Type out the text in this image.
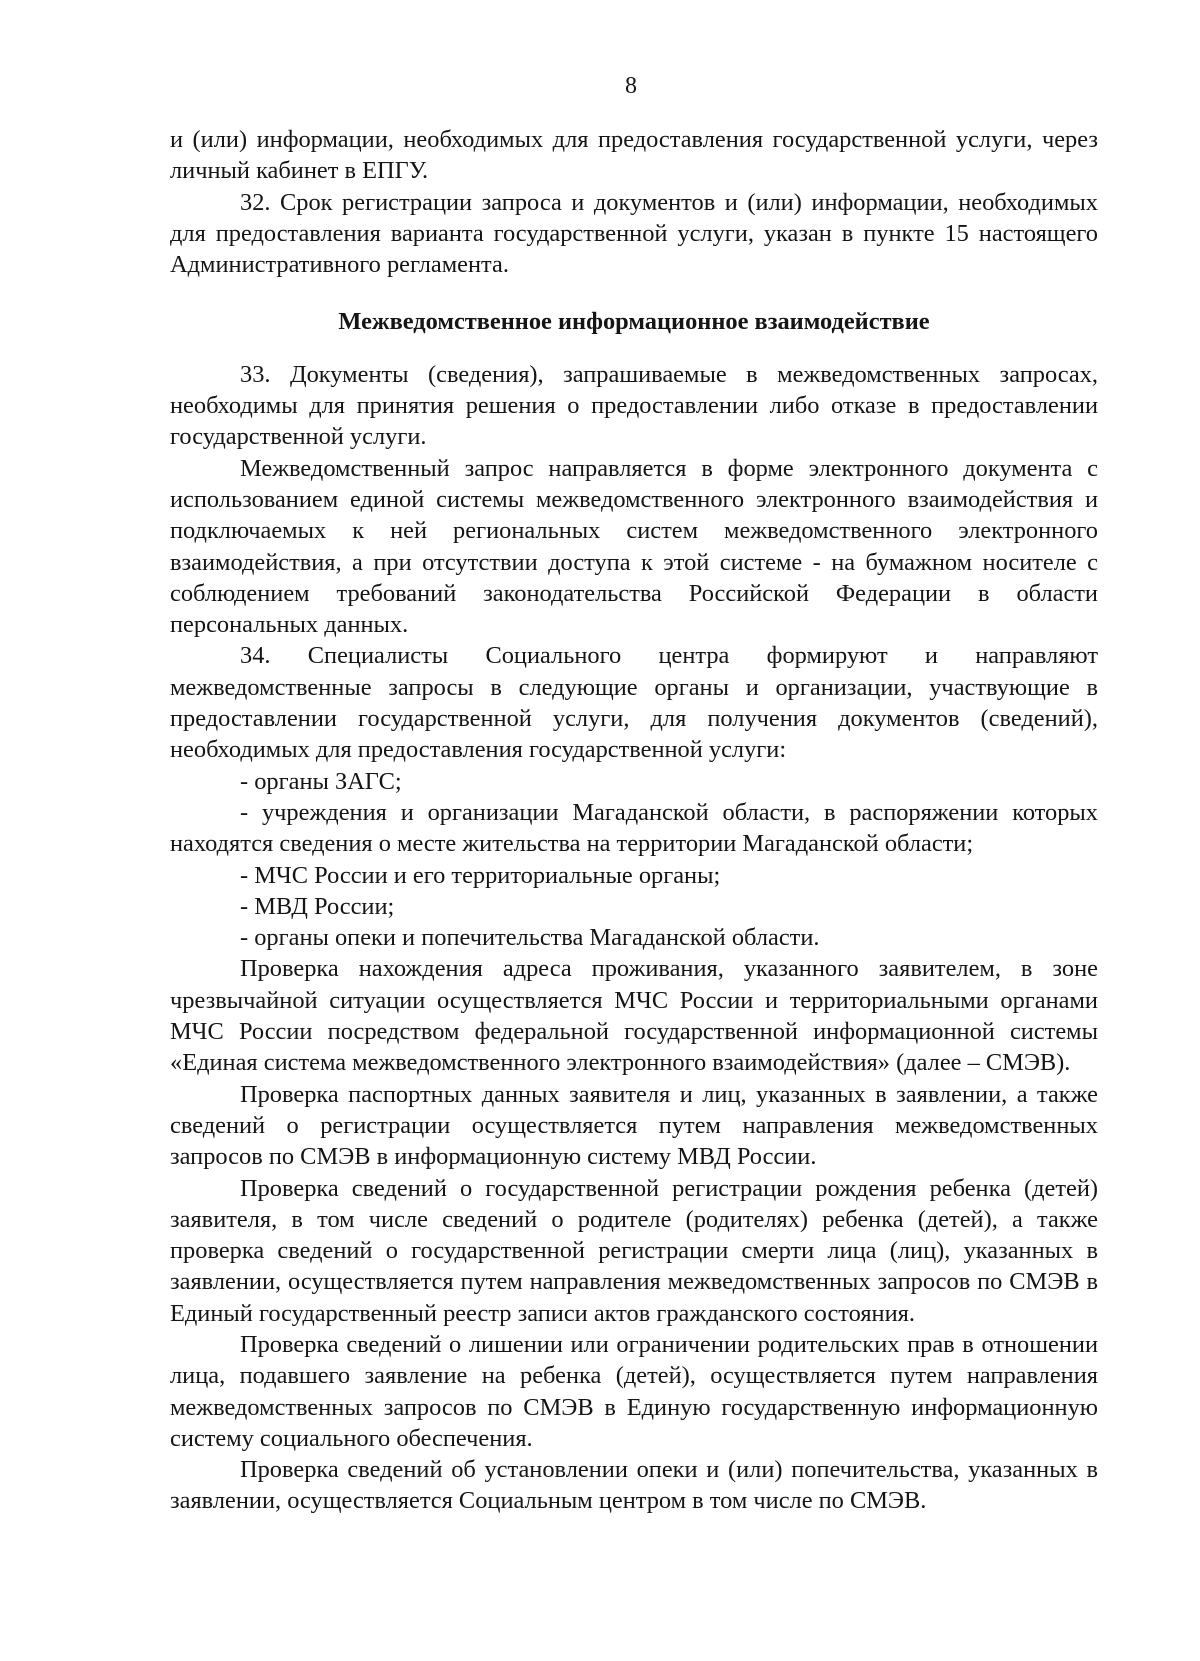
8

и (или) информации, необходимых для предоставления государственной услуги, через личный кабинет в ЕПГУ.

32. Срок регистрации запроса и документов и (или) информации, необходимых для предоставления варианта государственной услуги, указан в пункте 15 настоящего Административного регламента.

Межведомственное информационное взаимодействие

33. Документы (сведения), запрашиваемые в межведомственных запросах, необходимы для принятия решения о предоставлении либо отказе в предоставлении государственной услуги.

Межведомственный запрос направляется в форме электронного документа с использованием единой системы межведомственного электронного взаимодействия и подключаемых к ней региональных систем межведомственного электронного взаимодействия, а при отсутствии доступа к этой системе - на бумажном носителе с соблюдением требований законодательства Российской Федерации в области персональных данных.

34. Специалисты Социального центра формируют и направляют межведомственные запросы в следующие органы и организации, участвующие в предоставлении государственной услуги, для получения документов (сведений), необходимых для предоставления государственной услуги:

- органы ЗАГС;

- учреждения и организации Магаданской области, в распоряжении которых находятся сведения о месте жительства на территории Магаданской области;

- МЧС России и его территориальные органы;

- МВД России;

- органы опеки и попечительства Магаданской области.

Проверка нахождения адреса проживания, указанного заявителем, в зоне чрезвычайной ситуации осуществляется МЧС России и территориальными органами МЧС России посредством федеральной государственной информационной системы «Единая система межведомственного электронного взаимодействия» (далее – СМЭВ).

Проверка паспортных данных заявителя и лиц, указанных в заявлении, а также сведений о регистрации осуществляется путем направления межведомственных запросов по СМЭВ в информационную систему МВД России.

Проверка сведений о государственной регистрации рождения ребенка (детей) заявителя, в том числе сведений о родителе (родителях) ребенка (детей), а также проверка сведений о государственной регистрации смерти лица (лиц), указанных в заявлении, осуществляется путем направления межведомственных запросов по СМЭВ в Единый государственный реестр записи актов гражданского состояния.

Проверка сведений о лишении или ограничении родительских прав в отношении лица, подавшего заявление на ребенка (детей), осуществляется путем направления межведомственных запросов по СМЭВ в Единую государственную информационную систему социального обеспечения.

Проверка сведений об установлении опеки и (или) попечительства, указанных в заявлении, осуществляется Социальным центром в том числе по СМЭВ.
